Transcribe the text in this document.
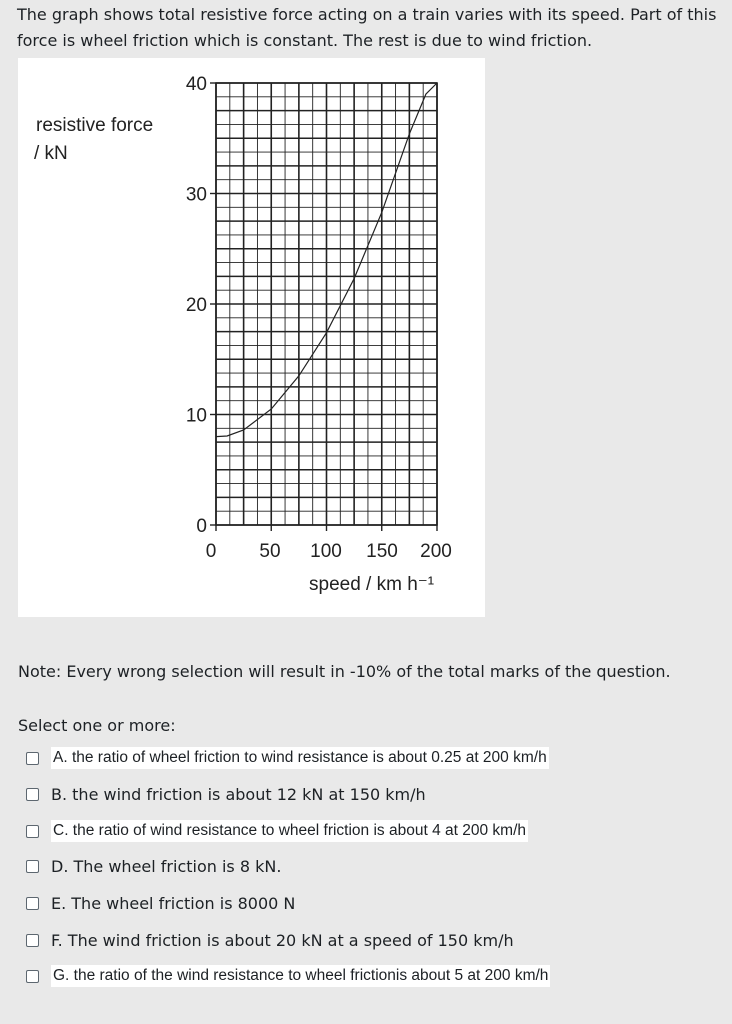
The graph shows total resistive force acting on a train varies with its speed. Part of this force is wheel friction which is constant. The rest is due to wind friction.

resistive force
/ kN
speed / km h⁻¹
0
10
20
30
40
0 50 100 150 200

Note: Every wrong selection will result in -10% of the total marks of the question.

Select one or more:

A. the ratio of wheel friction to wind resistance is about 0.25 at 200 km/h
B. the wind friction is about 12 kN at 150 km/h
C. the ratio of wind resistance to wheel friction is about 4 at 200 km/h
D. The wheel friction is 8 kN.
E. The wheel friction is 8000 N
F. The wind friction is about 20 kN at a speed of 150 km/h
G. the ratio of the wind resistance to wheel frictionis about 5 at 200 km/h
